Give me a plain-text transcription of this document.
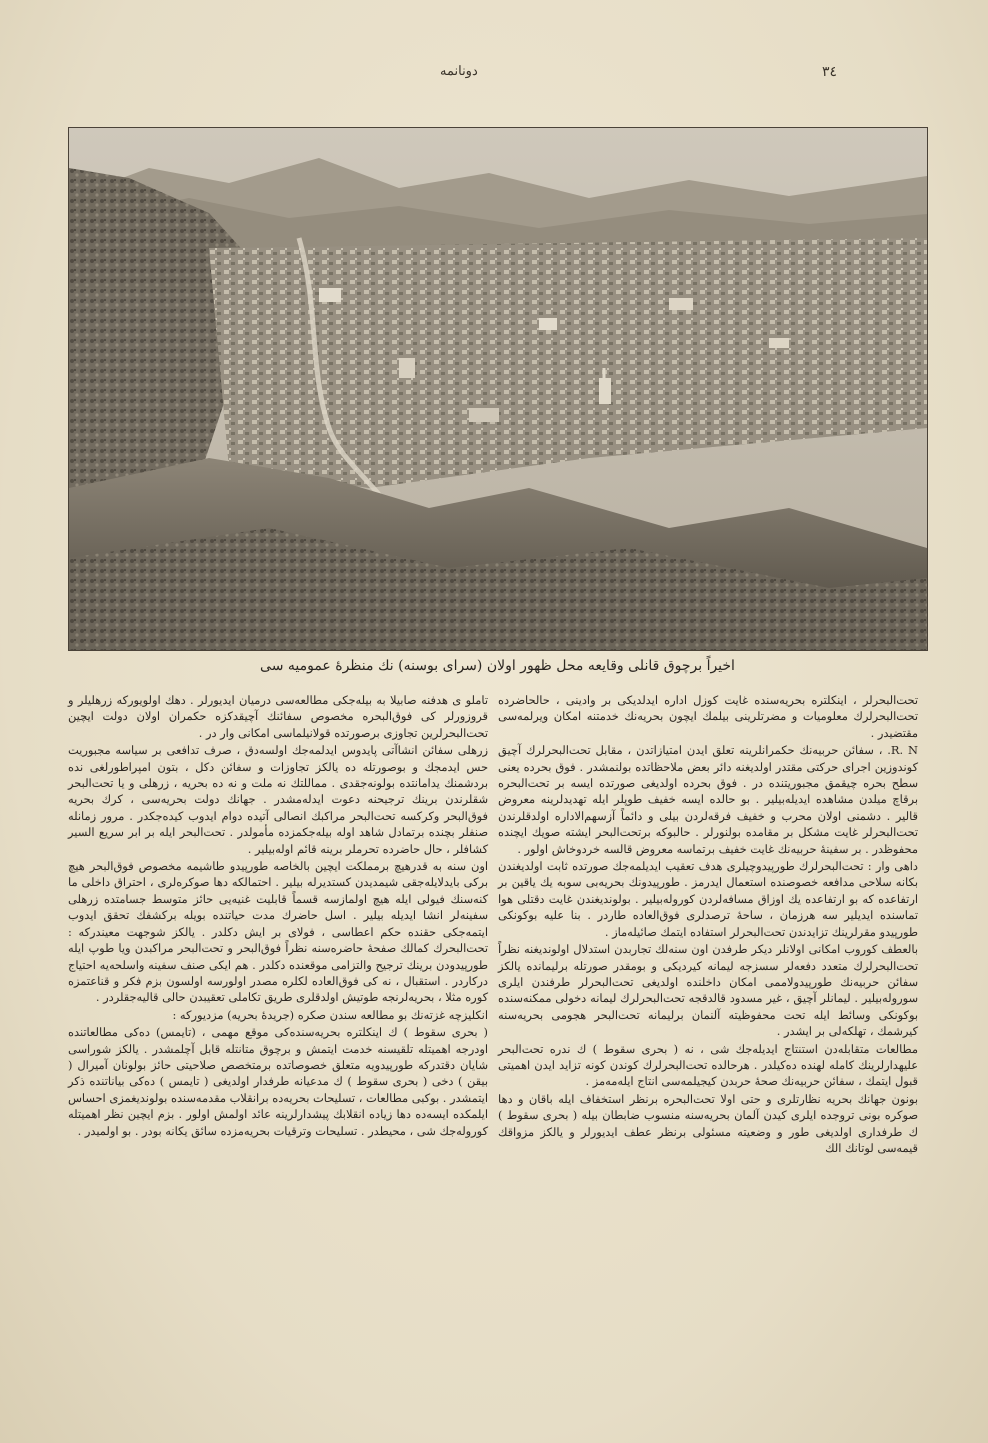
دونانمه	٣٤
اخيراً برچوق قانلى وقايعه محل ظهور اولان (سراى بوسنه) نك منظرهٔ عموميه سى

تحت‌البحرلر ، اينكلتره بحريه‌سنده غايت كوزل اداره ايدلديكى بر وادينى ، حالحاضرده تحت‌البحرلرك معلوميات و مضرتلرينى بيلمك ايچون بحريه‌نك خدمتنه امكان ويرلمه‌سى مقتضيدر .

R. N. ، سفائن حربيه‌نك حكمرانلرينه تعلق ايدن امتيازاتدن ، مقابل تحت‌البحرلرك آچيق كوندوزين اجراى حركتى مقتدر اولديغنه دائر بعض ملاحظاتده بولنمشدر . فوق بحرده يعنى سطح بحره چيقمق مجبوريتنده در . فوق بحرده اولديغى صورتده ايسه بر تحت‌البحره برقاچ ميلدن مشاهده ايديله‌بيلير . بو حالده ايسه خفيف طوپلر ايله تهديدلرينه معروض قالير . دشمنى اولان محرب و خفيف فرقه‌لردن بيلى و دائماً آزسهم‌الاداره اولدقلرندن تحت‌البحرلر غايت مشكل بر مقامده بولنورلر . حالبوكه برتحت‌البحر ايشته صويك ايچنده محفوظدر . بر سفينهٔ حربيه‌نك غايت خفيف برتماسه معروض قالسه خردوخاش اولور .

داهى وار : تحت‌البحرلرك طورپيدوچيلرى هدف تعقيب ايديلمه‌جك صورتده ثابت اولديغندن بكانه سلاحى مدافعه خصوصنده استعمال ايدرمز . طورپيدونك بحريه‌بى سوبه يك ياقين بر ارتفاعده كه بو ارتفاعده يك اوزاق مسافه‌لردن كوروله‌بيلير . بولونديغندن غايت دقتلى هوا تماسنده ايديلير سه هرزمان ، ساحهٔ ترصدلرى فوق‌العاده طاردر . بنا عليه بوكونكى طورپيدو مقرلرينك تزايدندن تحت‌البحرلر استفاده ايتمك صائيله‌ماز .

بالعطف كوروب امكانى اولانلر ديكر طرفدن اون سنه‌لك تجاربدن استدلال اولونديغنه نظراً تحت‌البحرلرك متعدد دفعه‌لر سسزجه ليمانه كيرديكى و بومقدر صورتله برليمانده يالكز سفائن حربيه‌نك طورپيدولاممى امكان داخلنده اولديغى تحت‌البحرلر طرفندن ايلرى سوروله‌بيلير . ليمانلر آچيق ، غير مسدود قالدقجه تحت‌البحرلرك ليمانه دخولى ممكنه‌سنده بوكونكى وسائط ايله تحت محفوظيته آلنمان برليمانه تحت‌البحر هجومى بحريه‌سنه كيرشمك ، تهلكه‌لى بر ايشدر .

مطالعات متقابله‌دن استنتاج ايديله‌جك شى ، نه ( بحرى سقوط ) ك ندره تحت‌البحر عليهدارلرينك كامله لهنده ده‌كيلدر . هرحالده تحت‌البحرلرك كوندن كونه تزايد ايدن اهميتى قبول ايتمك ، سفائن حربيه‌نك صحهٔ حربدن كيجيلمه‌سى انتاج ايله‌مه‌مز .

بونون جهانك بحريه نظارتلرى و حتى اولا تحت‌البحره برنظر استخفاف ايله باقان و دها صوكره بونى تروجده ايلرى كيدن آلمان بحريه‌سنه منسوب ضابطان بيله ( بحرى سقوط ) ك طرفدارى اولديغى طور و وضعيته مسئولى برنظر عطف ايديورلر و يالكز مزواقك قيمه‌سى لوتانك الك

تاملو ى هدفنه صابيلا به بيله‌جكى مطالعه‌سى درميان ايديورلر . دهك اولويوركه زرهليلر و قروزورلر كى فوق‌البحره مخصوص سفائنك آچيقدكزه حكمران اولان دولت ايچين تحت‌البحرلرين تجاوزى برصورتده قولانيلماسى امكانى وار در .

زرهلى سفائن انشاآتى پايدوس ايدلمه‌جك اولسه‌دق ، صرف تدافعى بر سياسه مجبوريت حس ايدمجك و بوصورتله ده يالكز تجاوزات و سفائن دكل ، بتون امپراطورلغى نده بردشمنك يدامانتده بولونه‌جقدى . مماللتك نه ملت و نه ده بحريه ، زرهلى و يا تحت‌البحر شقلرندن برينك ترجيحنه دعوت ايدله‌مشدر . جهانك دولت بحريه‌سى ، كرك بحريه فوق‌البحر وكركسه تحت‌البحر مراكبك انصالى آتيده دوام ايدوب كيده‌جكدر . مرور زمانله صنفلر بچنده برتمادل شاهد اوله بيله‌جكمزده مأمولدر . تحت‌البحر ايله بر ابر سريع السير كشافلر ، حال حاضرده تحرملر برينه قائم اوله‌بيلير .

اون سنه به قدرهيچ برمملكت ايچين بالخاصه طورپيدو طاشيمه مخصوص فوق‌البحر هيچ بركى بايدلايله‌جقى شيمديدن كستديرله بيلير . احتمالكه دها صوكره‌لرى ، احتراق داخلى ما كنه‌سنك فيولى ايله هيچ اولمازسه قسماً قابليت غنيه‌يى حائز متوسط جسامتده زرهلى سفينه‌لر انشا ايديله بيلير . اسل حاضرك مدت حياتنده بويله بركشفك تحقق ايدوب ايتمه‌جكى حقنده حكم اعطاسى ، فولاى بر ايش دكلدر . يالكز شوجهت معيندركه : تحت‌البحرك كمالك صفحهٔ حاضره‌سنه نظراً فوق‌البحر و تحت‌البحر مراكبدن ويا طوپ ايله طورپيدودن برينك ترجيح والتزامى موقعنده دكلدر . هم ايكى صنف سفينه واسلحه‌يه احتياج دركاردر . استقبال ، نه كى فوق‌العاده لكلره مصدر اولورسه اولسون بزم فكر و قناعتمزه كوره مثلا ، بحريه‌لرنجه طوتيش اولدقلرى طريق تكاملى تعقيبدن حالى قاليه‌جقلردر .

انكليزچه غزته‌نك بو مطالعه سندن صكره (جريدهٔ بحريه) مزديوركه :

( بحرى سقوط ) ك اينكلتره بحريه‌سنده‌كى موقع مهمى ، (تايمس) ده‌كى مطالعاتنده اودرجه اهميتله تلقيسنه خدمت ايتمش و برچوق متانتله قابل آچلمشدر . يالكز شوراسى شايان دقتدركه طورپيدويه متعلق خصوصاتده برمتخصص صلاحيتى حائز بولونان آميرال ( بيقن ) دخى ( بحرى سقوط ) ك مدعيانه طرفدار اولديغى ( تايمس ) ده‌كى بياناتنده ذكر ايتمشدر . بوكبى مطالعات ، تسليحات بحريه‌ده برانقلاب مقدمه‌سنده بولونديغمزى احساس ايلمكده ايسه‌ده دها زياده انقلابك پيشدارلرينه عائد اولمش اولور . بزم ايچين نظر اهميتله كوروله‌جك شى ، محيطدر . تسليحات وترقيات بحريه‌مزده سائق يكانه بودر . بو اولميدر .
